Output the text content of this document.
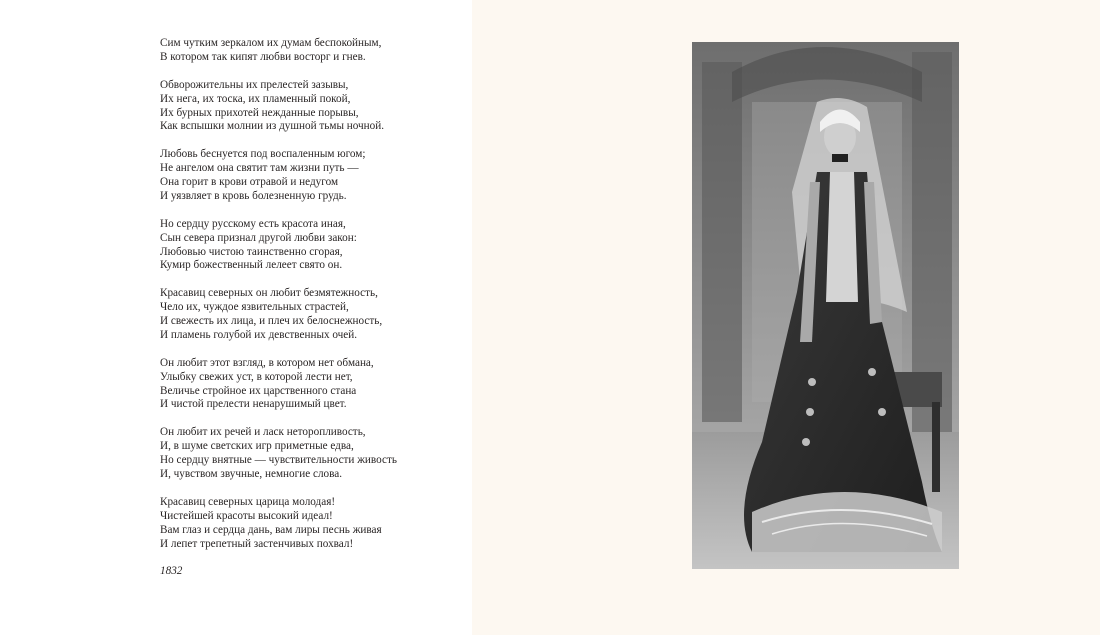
Сим чутким зеркалом их думам беспокойным,
В котором так кипят любви восторг и гнев.
Обворожительны их прелестей зазывы,
Их нега, их тоска, их пламенный покой,
Их бурных прихотей нежданные порывы,
Как вспышки молнии из душной тьмы ночной.
Любовь беснуется под воспаленным югом;
Не ангелом она святит там жизни путь —
Она горит в крови отравой и недугом
И уязвляет в кровь болезненную грудь.
Но сердцу русскому есть красота иная,
Сын севера признал другой любви закон:
Любовью чистою таинственно сгорая,
Кумир божественный лелеет свято он.
Красавиц северных он любит безмятежность,
Чело их, чуждое язвительных страстей,
И свежесть их лица, и плеч их белоснежность,
И пламень голубой их девственных очей.
Он любит этот взгляд, в котором нет обмана,
Улыбку свежих уст, в которой лести нет,
Величье стройное их царственного стана
И чистой прелести ненарушимый цвет.
Он любит их речей и ласк неторопливость,
И, в шуме светских игр приметные едва,
Но сердцу внятные — чувствительности живость
И, чувством звучные, немногие слова.
Красавиц северных царица молодая!
Чистейшей красоты высокий идеал!
Вам глаз и сердца дань, вам лиры песнь живая
И лепет трепетный застенчивых похвал!
1832
